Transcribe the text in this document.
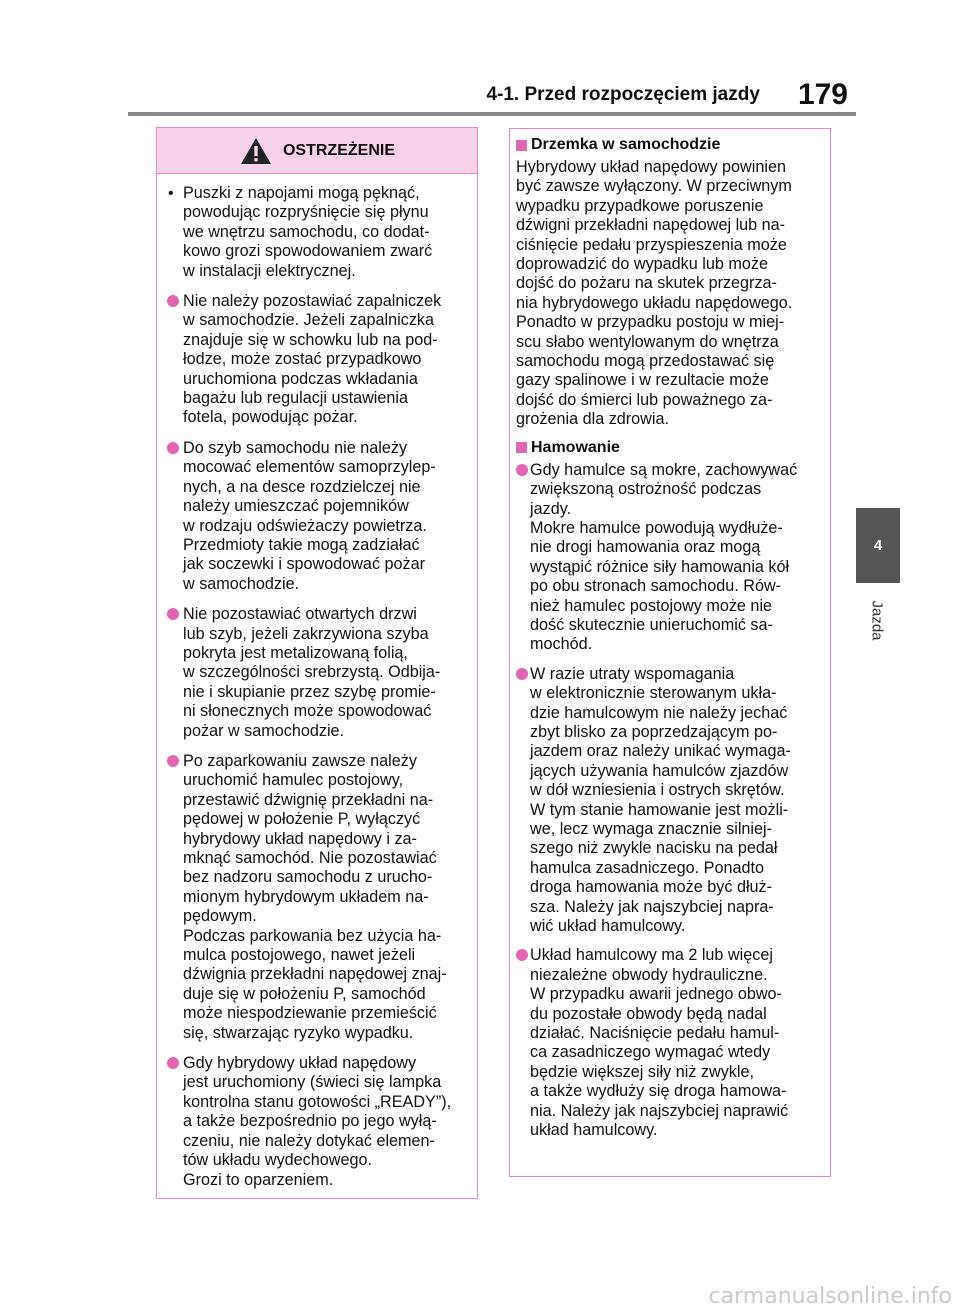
4-1. Przed rozpoczęciem jazdy 179
4
Jazda
OSTRZEŻENIE
• Puszki z napojami mogą pęknąć,
powodując rozpryśnięcie się płynu
we wnętrzu samochodu, co dodat-
kowo grozi spowodowaniem zwarć
w instalacji elektrycznej.

Nie należy pozostawiać zapalniczek
w samochodzie. Jeżeli zapalniczka
znajduje się w schowku lub na pod-
łodze, może zostać przypadkowo
uruchomiona podczas wkładania
bagażu lub regulacji ustawienia
fotela, powodując pożar.

Do szyb samochodu nie należy
mocować elementów samoprzylep-
nych, a na desce rozdzielczej nie
należy umieszczać pojemników
w rodzaju odświeżaczy powietrza.
Przedmioty takie mogą zadziałać
jak soczewki i spowodować pożar
w samochodzie.

Nie pozostawiać otwartych drzwi
lub szyb, jeżeli zakrzywiona szyba
pokryta jest metalizowaną folią,
w szczególności srebrzystą. Odbija-
nie i skupianie przez szybę promie-
ni słonecznych może spowodować
pożar w samochodzie.

Po zaparkowaniu zawsze należy
uruchomić hamulec postojowy,
przestawić dźwignię przekładni na-
pędowej w położenie P, wyłączyć
hybrydowy układ napędowy i za-
mknąć samochód. Nie pozostawiać
bez nadzoru samochodu z urucho-
mionym hybrydowym układem na-
pędowym.
Podczas parkowania bez użycia ha-
mulca postojowego, nawet jeżeli
dźwignia przekładni napędowej znaj-
duje się w położeniu P, samochód
może niespodziewanie przemieścić
się, stwarzając ryzyko wypadku.

Gdy hybrydowy układ napędowy
jest uruchomiony (świeci się lampka
kontrolna stanu gotowości „READY”),
a także bezpośrednio po jego wyłą-
czeniu, nie należy dotykać elemen-
tów układu wydechowego.
Grozi to oparzeniem.

Drzemka w samochodzie

Hybrydowy układ napędowy powinien
być zawsze wyłączony. W przeciwnym
wypadku przypadkowe poruszenie
dźwigni przekładni napędowej lub na-
ciśnięcie pedału przyspieszenia może
doprowadzić do wypadku lub może
dojść do pożaru na skutek przegrza-
nia hybrydowego układu napędowego.
Ponadto w przypadku postoju w miej-
scu słabo wentylowanym do wnętrza
samochodu mogą przedostawać się
gazy spalinowe i w rezultacie może
dojść do śmierci lub poważnego za-
grożenia dla zdrowia.

Hamowanie

Gdy hamulce są mokre, zachowywać
zwiększoną ostrożność podczas
jazdy.
Mokre hamulce powodują wydłuże-
nie drogi hamowania oraz mogą
wystąpić różnice siły hamowania kół
po obu stronach samochodu. Rów-
nież hamulec postojowy może nie
dość skutecznie unieruchomić sa-
mochód.

W razie utraty wspomagania
w elektronicznie sterowanym ukła-
dzie hamulcowym nie należy jechać
zbyt blisko za poprzedzającym po-
jazdem oraz należy unikać wymaga-
jących używania hamulców zjazdów
w dół wzniesienia i ostrych skrętów.
W tym stanie hamowanie jest możli-
we, lecz wymaga znacznie silniej-
szego niż zwykle nacisku na pedał
hamulca zasadniczego. Ponadto
droga hamowania może być dłuż-
sza. Należy jak najszybciej napra-
wić układ hamulcowy.

Układ hamulcowy ma 2 lub więcej
niezależne obwody hydrauliczne.
W przypadku awarii jednego obwo-
du pozostałe obwody będą nadal
działać. Naciśnięcie pedału hamul-
ca zasadniczego wymagać wtedy
będzie większej siły niż zwykle,
a także wydłuży się droga hamowa-
nia. Należy jak najszybciej naprawić
układ hamulcowy.

carmanualsonline.info
